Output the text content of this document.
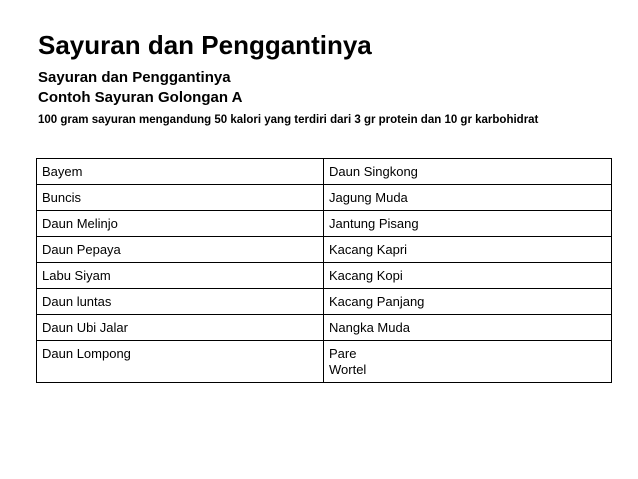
Sayuran dan Penggantinya
Sayuran dan Penggantinya
Contoh Sayuran Golongan A
100 gram sayuran mengandung 50 kalori yang terdiri dari 3 gr protein dan 10 gr karbohidrat
Bayem	Daun Singkong

Buncis	Jagung Muda

Daun Melinjo	Jantung Pisang

Daun Pepaya	Kacang Kapri

Labu Siyam	Kacang Kopi

Daun luntas	Kacang Panjang

Daun Ubi Jalar	Nangka Muda

Daun Lompong	Pare
Wortel
